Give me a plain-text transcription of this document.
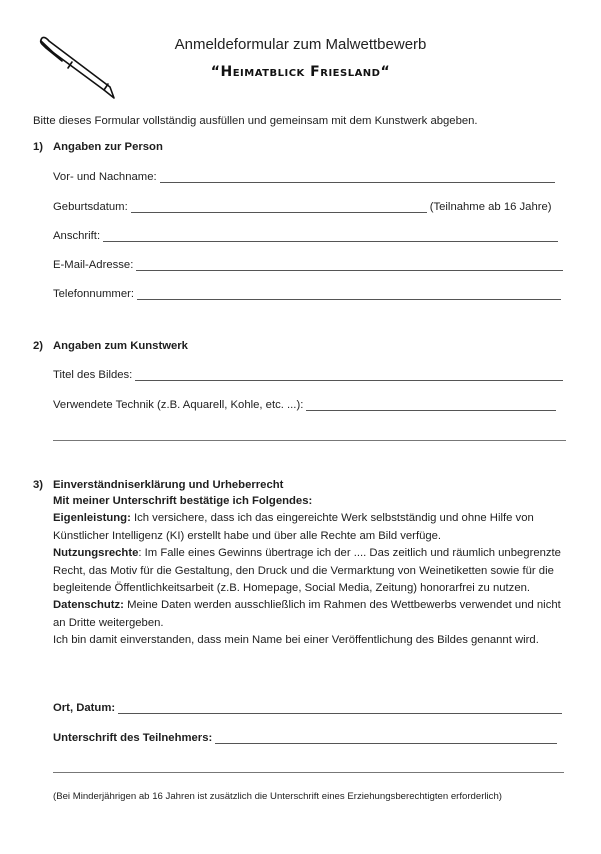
Anmeldeformular zum Malwettbewerb
“Heimatblick Friesland“
Bitte dieses Formular vollständig ausfüllen und gemeinsam mit dem Kunstwerk abgeben.
1) Angaben zur Person
Vor- und Nachname:
Geburtsdatum:	(Teilnahme ab 16 Jahre)
Anschrift:
E-Mail-Adresse:
Telefonnummer:
2) Angaben zum Kunstwerk
Titel des Bildes:
Verwendete Technik (z.B. Aquarell, Kohle, etc. ...):
3) Einverständniserklärung und Urheberrecht

Mit meiner Unterschrift bestätige ich Folgendes:

Eigenleistung: Ich versichere, dass ich das eingereichte Werk selbstständig und ohne Hilfe von Künstlicher Intelligenz (KI) erstellt habe und über alle Rechte am Bild verfüge.

Nutzungsrechte: Im Falle eines Gewinns übertrage ich der .... Das zeitlich und räumlich unbegrenzte Recht, das Motiv für die Gestaltung, den Druck und die Vermarktung von Weinetiketten sowie für die begleitende Öffentlichkeitsarbeit (z.B. Homepage, Social Media, Zeitung) honorarfrei zu nutzen.

Datenschutz: Meine Daten werden ausschließlich im Rahmen des Wettbewerbs verwendet und nicht an Dritte weitergeben.

Ich bin damit einverstanden, dass mein Name bei einer Veröffentlichung des Bildes genannt wird.

Ort, Datum:
Unterschrift des Teilnehmers:
(Bei Minderjährigen ab 16 Jahren ist zusätzlich die Unterschrift eines Erziehungsberechtigten erforderlich)
